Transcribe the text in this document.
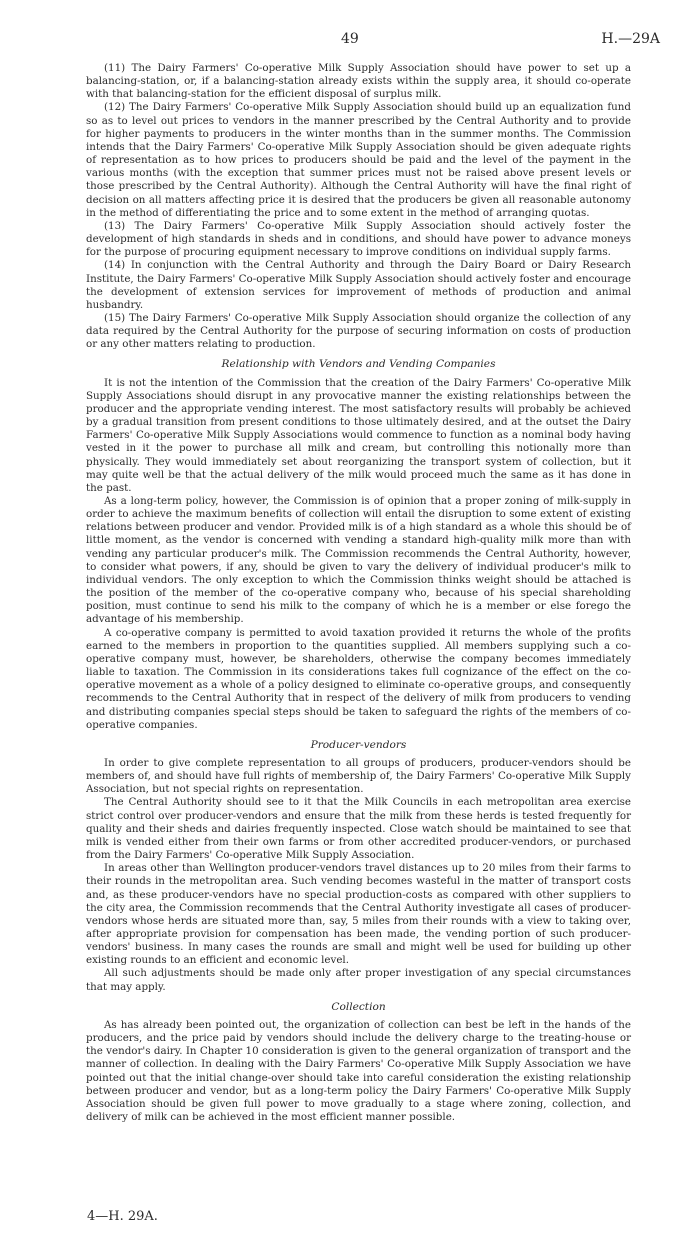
49	H.—29A

(11) The Dairy Farmers' Co-operative Milk Supply Association should have power to set up a balancing-station, or, if a balancing-station already exists within the supply area, it should co-operate with that balancing-station for the efficient disposal of surplus milk.

(12) The Dairy Farmers' Co-operative Milk Supply Association should build up an equalization fund so as to level out prices to vendors in the manner prescribed by the Central Authority and to provide for higher payments to producers in the winter months than in the summer months. The Commission intends that the Dairy Farmers' Co-operative Milk Supply Association should be given adequate rights of representation as to how prices to producers should be paid and the level of the payment in the various months (with the exception that summer prices must not be raised above present levels or those prescribed by the Central Authority). Although the Central Authority will have the final right of decision on all matters affecting price it is desired that the producers be given all reasonable autonomy in the method of differentiating the price and to some extent in the method of arranging quotas.

(13) The Dairy Farmers' Co-operative Milk Supply Association should actively foster the development of high standards in sheds and in conditions, and should have power to advance moneys for the purpose of procuring equipment necessary to improve conditions on individual supply farms.

(14) In conjunction with the Central Authority and through the Dairy Board or Dairy Research Institute, the Dairy Farmers' Co-operative Milk Supply Association should actively foster and encourage the development of extension services for improvement of methods of production and animal husbandry.

(15) The Dairy Farmers' Co-operative Milk Supply Association should organize the collection of any data required by the Central Authority for the purpose of securing information on costs of production or any other matters relating to production.

Relationship with Vendors and Vending Companies

It is not the intention of the Commission that the creation of the Dairy Farmers' Co-operative Milk Supply Associations should disrupt in any provocative manner the existing relationships between the producer and the appropriate vending interest. The most satisfactory results will probably be achieved by a gradual transition from present conditions to those ultimately desired, and at the outset the Dairy Farmers' Co-operative Milk Supply Associations would commence to function as a nominal body having vested in it the power to purchase all milk and cream, but controlling this notionally more than physically. They would immediately set about reorganizing the transport system of collection, but it may quite well be that the actual delivery of the milk would proceed much the same as it has done in the past.

As a long-term policy, however, the Commission is of opinion that a proper zoning of milk-supply in order to achieve the maximum benefits of collection will entail the disruption to some extent of existing relations between producer and vendor. Provided milk is of a high standard as a whole this should be of little moment, as the vendor is concerned with vending a standard high-quality milk more than with vending any particular producer's milk. The Commission recommends the Central Authority, however, to consider what powers, if any, should be given to vary the delivery of individual producer's milk to individual vendors. The only exception to which the Commission thinks weight should be attached is the position of the member of the co-operative company who, because of his special shareholding position, must continue to send his milk to the company of which he is a member or else forego the advantage of his membership.

A co-operative company is permitted to avoid taxation provided it returns the whole of the profits earned to the members in proportion to the quantities supplied. All members supplying such a co-operative company must, however, be shareholders, otherwise the company becomes immediately liable to taxation. The Commission in its considerations takes full cognizance of the effect on the co-operative movement as a whole of a policy designed to eliminate co-operative groups, and consequently recommends to the Central Authority that in respect of the delivery of milk from producers to vending and distributing companies special steps should be taken to safeguard the rights of the members of co-operative companies.

Producer-vendors

In order to give complete representation to all groups of producers, producer-vendors should be members of, and should have full rights of membership of, the Dairy Farmers' Co-operative Milk Supply Association, but not special rights on representation.

The Central Authority should see to it that the Milk Councils in each metropolitan area exercise strict control over producer-vendors and ensure that the milk from these herds is tested frequently for quality and their sheds and dairies frequently inspected. Close watch should be maintained to see that milk is vended either from their own farms or from other accredited producer-vendors, or purchased from the Dairy Farmers' Co-operative Milk Supply Association.

In areas other than Wellington producer-vendors travel distances up to 20 miles from their farms to their rounds in the metropolitan area. Such vending becomes wasteful in the matter of transport costs and, as these producer-vendors have no special production-costs as compared with other suppliers to the city area, the Commission recommends that the Central Authority investigate all cases of producer-vendors whose herds are situated more than, say, 5 miles from their rounds with a view to taking over, after appropriate provision for compensation has been made, the vending portion of such producer-vendors' business. In many cases the rounds are small and might well be used for building up other existing rounds to an efficient and economic level.

All such adjustments should be made only after proper investigation of any special circumstances that may apply.

Collection

As has already been pointed out, the organization of collection can best be left in the hands of the producers, and the price paid by vendors should include the delivery charge to the treating-house or the vendor's dairy. In Chapter 10 consideration is given to the general organization of transport and the manner of collection. In dealing with the Dairy Farmers' Co-operative Milk Supply Association we have pointed out that the initial change-over should take into careful consideration the existing relationship between producer and vendor, but as a long-term policy the Dairy Farmers' Co-operative Milk Supply Association should be given full power to move gradually to a stage where zoning, collection, and delivery of milk can be achieved in the most efficient manner possible.

4—H. 29A.
